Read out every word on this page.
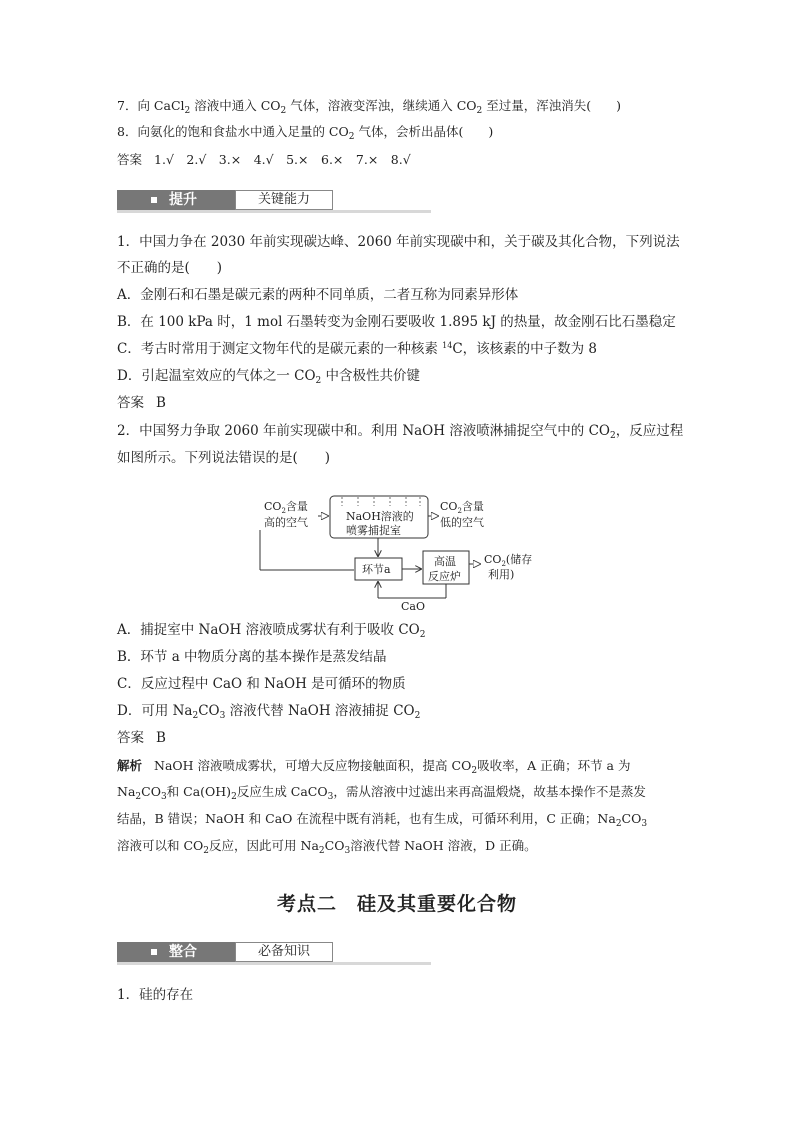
7．向 CaCl$_2$ 溶液中通入 $CO_2$ 气体，溶液变浑浊，继续通入 $CO_2$ 至过量，浑浊消失(　　)
8．向氨化的饱和食盐水中通入足量的 $CO_2$ 气体，会析出晶体(　　)
答案 1.√　2.√　3.×　4.√　5.×　6.×　7.×　8.√
提升	关键能力
1．中国力争在 2030 年前实现碳达峰、2060 年前实现碳中和，关于碳及其化合物，下列说法
不正确的是(　　)
A．金刚石和石墨是碳元素的两种不同单质，二者互称为同素异形体
B．在 100 kPa 时，1 mol 石墨转变为金刚石要吸收 1.895 kJ 的热量，故金刚石比石墨稳定
C．考古时常用于测定文物年代的是碳元素的一种核素 $^{14}$C，该核素的中子数为 8
D．引起温室效应的气体之一 $CO_2$ 中含极性共价键
答案 B
2．中国努力争取 2060 年前实现碳中和。利用 NaOH 溶液喷淋捕捉空气中的 $CO_2$，反应过程
如图所示。下列说法错误的是(　　)
$CO_2$含量
高的空气	NaOH溶液的
喷雾捕捉室
$CO_2$含量
低的空气
环节a
高温
反应炉
$CO_2$(储存
利用)
CaO
A．捕捉室中 NaOH 溶液喷成雾状有利于吸收 $CO_2$
B．环节 a 中物质分离的基本操作是蒸发结晶
C．反应过程中 CaO 和 NaOH 是可循环的物质
D．可用 $Na_2CO_3$ 溶液代替 NaOH 溶液捕捉 $CO_2$
答案 B
解析 NaOH 溶液喷成雾状，可增大反应物接触面积，提高 $CO_2$吸收率，A 正确；环节 a 为
$Na_2CO_3$和 $Ca(OH)_2$反应生成 CaCO$_3$，需从溶液中过滤出来再高温煅烧，故基本操作不是蒸发
结晶，B 错误；NaOH 和 CaO 在流程中既有消耗，也有生成，可循环利用，C 正确；$Na_2CO_3$
溶液可以和 $CO_2$反应，因此可用 $Na_2CO_3$溶液代替 NaOH 溶液，D 正确。
考点二　硅及其重要化合物
整合	必备知识
1．硅的存在
